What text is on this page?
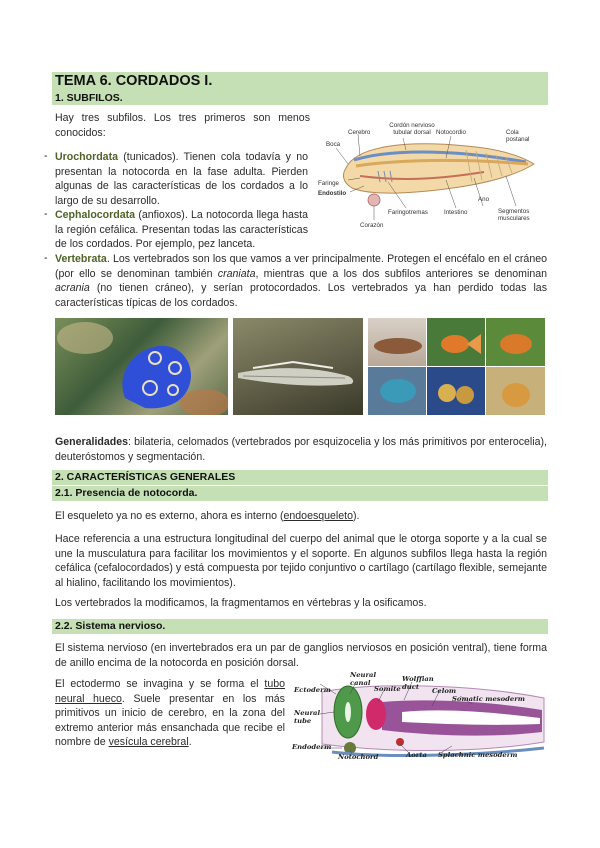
TEMA 6. CORDADOS I.
1. SUBFILOS.

Hay tres subfilos. Los tres primeros son menos conocidos:

Cordón nervioso tubular dorsal
Cerebro	Notocordio	Cola postanal
Boca
Faringe
Endostilo
Faringotremas
Ano
Intestino	Segmentos musculares
Corazón
- Urochordata (tunicados). Tienen cola todavía y no presentan la notocorda en la fase adulta. Pierden algunas de las características de los cordados a lo largo de su desarrollo.

- Cephalocordata (anfioxos). La notocorda llega hasta la región cefálica. Presentan todas las características de los cordados. Por ejemplo, pez lanceta.

- Vertebrata. Los vertebrados son los que vamos a ver principalmente. Protegen el encéfalo en el cráneo (por ello se denominan también craniata, mientras que a los dos subfilos anteriores se denominan acrania (no tienen cráneo), y serían protocordados. Los vertebrados ya han perdido todas las características típicas de los cordados.

Generalidades: bilateria, celomados (vertebrados por esquizocelia y los más primitivos por enterocelia), deuteróstomos y segmentación.

2. CARACTERÍSTICAS GENERALES
2.1. Presencia de notocorda.

El esqueleto ya no es externo, ahora es interno (endoesqueleto).

Hace referencia a una estructura longitudinal del cuerpo del animal que le otorga soporte y a la cual se une la musculatura para facilitar los movimientos y el soporte. En algunos subfilos llega hasta la región cefálica (cefalocordados) y está compuesta por tejido conjuntivo o cartílago (cartílago flexible, semejante al hialino, facilitando los movimientos).

Los vertebrados la modificamos, la fragmentamos en vértebras y la osificamos.

2.2. Sistema nervioso.

El sistema nervioso (en invertebrados era un par de ganglios nerviosos en posición ventral), tiene forma de anillo encima de la notocorda en posición dorsal.

El ectodermo se invagina y se forma el tubo neural hueco. Suele presentar en los más primitivos un inicio de cerebro, en la zona del extremo anterior más ensanchada que recibe el nombre de vesícula cerebral.

Neural canal	Wolffian duct
Ectoderm	Somite	Celom
Somatic mesoderm
Neural tube
Endoderm
Notochord	Aorta Splachnic mesoderm
